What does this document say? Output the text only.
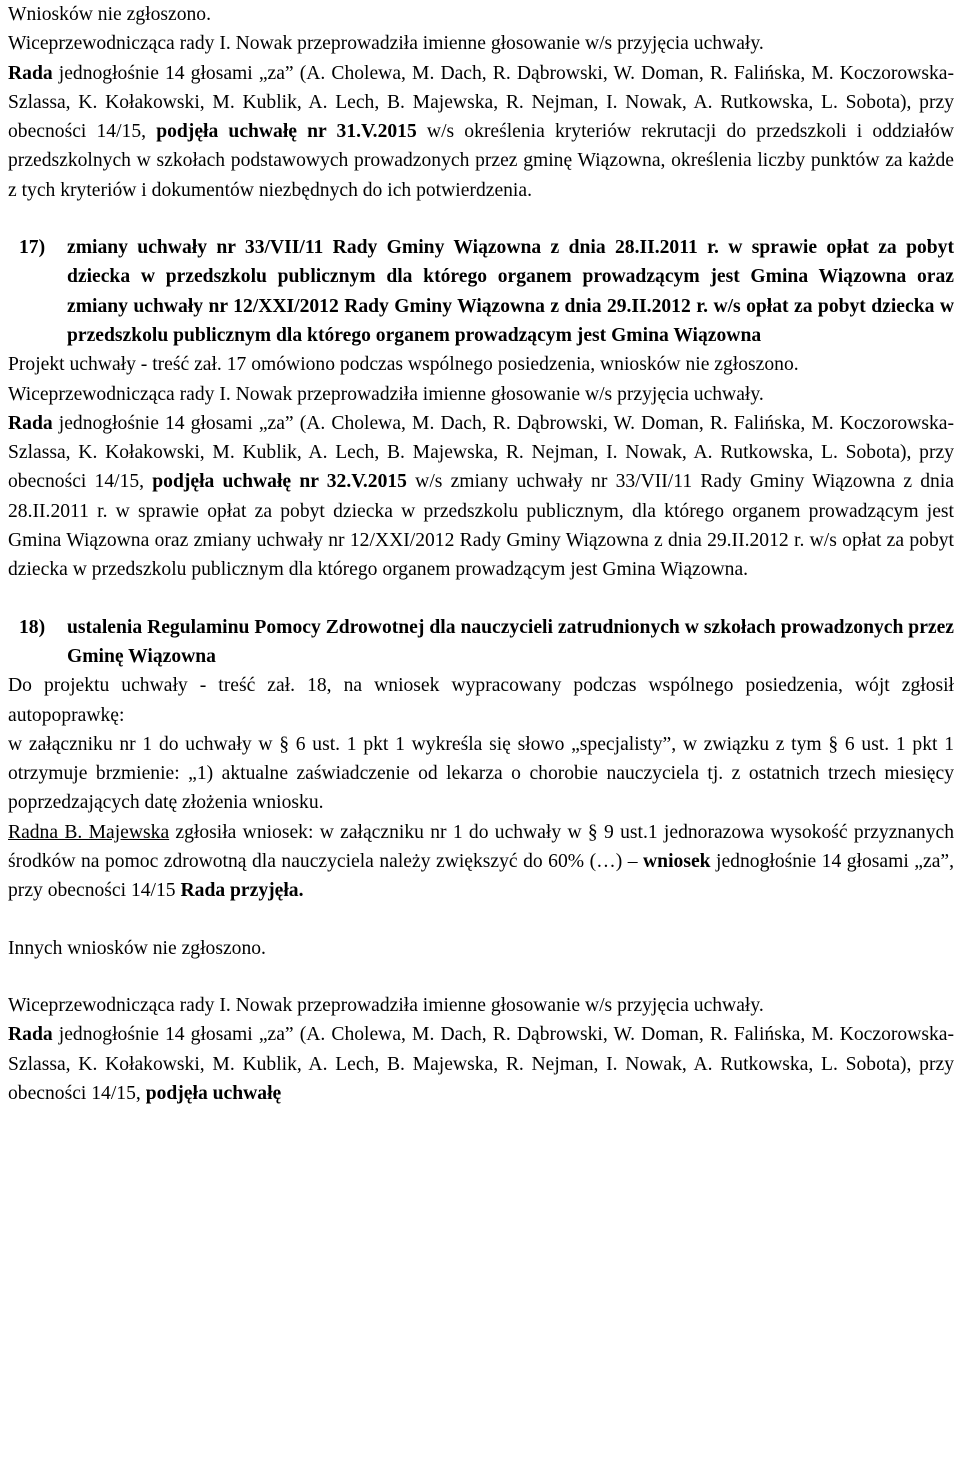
Wniosków nie zgłoszono.

Wiceprzewodnicząca rady I. Nowak przeprowadziła imienne głosowanie w/s przyjęcia uchwały.

Rada jednogłośnie 14 głosami „za” (A. Cholewa, M. Dach, R. Dąbrowski, W. Doman, R. Falińska, M. Koczorowska-Szlassa, K. Kołakowski, M. Kublik, A. Lech, B. Majewska, R. Nejman, I. Nowak, A. Rutkowska, L. Sobota), przy obecności 14/15, podjęła uchwałę nr 31.V.2015 w/s określenia kryteriów rekrutacji do przedszkoli i oddziałów przedszkolnych w szkołach podstawowych prowadzonych przez gminę Wiązowna, określenia liczby punktów za każde z tych kryteriów i dokumentów niezbędnych do ich potwierdzenia.

17)	zmiany uchwały nr 33/VII/11 Rady Gminy Wiązowna z dnia 28.II.2011 r. w sprawie opłat za pobyt dziecka w przedszkolu publicznym dla którego organem prowadzącym jest Gmina Wiązowna oraz zmiany uchwały nr 12/XXI/2012 Rady Gminy Wiązowna z dnia 29.II.2012 r. w/s opłat za pobyt dziecka w przedszkolu publicznym dla którego organem prowadzącym jest Gmina Wiązowna

Projekt uchwały - treść zał. 17 omówiono podczas wspólnego posiedzenia, wniosków nie zgłoszono.

Wiceprzewodnicząca rady I. Nowak przeprowadziła imienne głosowanie w/s przyjęcia uchwały.

Rada jednogłośnie 14 głosami „za” (A. Cholewa, M. Dach, R. Dąbrowski, W. Doman, R. Falińska, M. Koczorowska-Szlassa, K. Kołakowski, M. Kublik, A. Lech, B. Majewska, R. Nejman, I. Nowak, A. Rutkowska, L. Sobota), przy obecności 14/15, podjęła uchwałę nr 32.V.2015 w/s zmiany uchwały nr 33/VII/11 Rady Gminy Wiązowna z dnia 28.II.2011 r. w sprawie opłat za pobyt dziecka w przedszkolu publicznym, dla którego organem prowadzącym jest Gmina Wiązowna oraz zmiany uchwały nr 12/XXI/2012 Rady Gminy Wiązowna z dnia 29.II.2012 r. w/s opłat za pobyt dziecka w przedszkolu publicznym dla którego organem prowadzącym jest Gmina Wiązowna.

18)	ustalenia Regulaminu Pomocy Zdrowotnej dla nauczycieli zatrudnionych w szkołach prowadzonych przez Gminę Wiązowna

Do projektu uchwały - treść zał. 18, na wniosek wypracowany podczas wspólnego posiedzenia, wójt zgłosił autopoprawkę:

w załączniku nr 1 do uchwały w § 6 ust. 1 pkt 1 wykreśla się słowo „specjalisty”, w związku z tym § 6 ust. 1 pkt 1 otrzymuje brzmienie: „1) aktualne zaświadczenie od lekarza o chorobie nauczyciela tj. z ostatnich trzech miesięcy poprzedzających datę złożenia wniosku.

Radna B. Majewska zgłosiła wniosek: w załączniku nr 1 do uchwały w § 9 ust.1 jednorazowa wysokość przyznanych środków na pomoc zdrowotną dla nauczyciela należy zwiększyć do 60% (…) – wniosek jednogłośnie 14 głosami „za”, przy obecności 14/15 Rada przyjęła.

Innych wniosków nie zgłoszono.

Wiceprzewodnicząca rady I. Nowak przeprowadziła imienne głosowanie w/s przyjęcia uchwały.

Rada jednogłośnie 14 głosami „za” (A. Cholewa, M. Dach, R. Dąbrowski, W. Doman, R. Falińska, M. Koczorowska-Szlassa, K. Kołakowski, M. Kublik, A. Lech, B. Majewska, R. Nejman, I. Nowak, A. Rutkowska, L. Sobota), przy obecności 14/15, podjęła uchwałę
